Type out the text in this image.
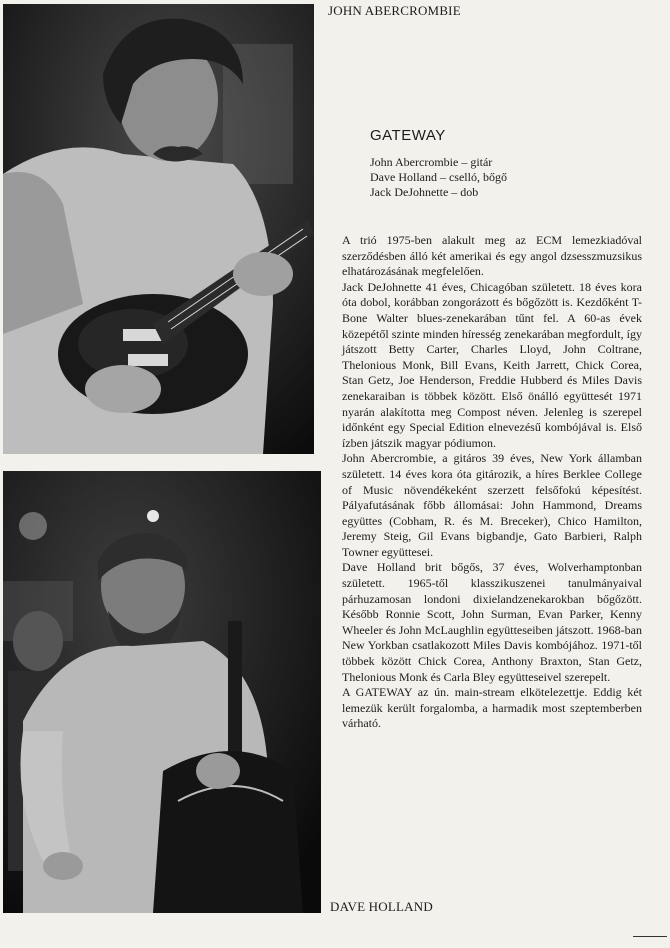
JOHN ABERCROMBIE
GATEWAY
John Abercrombie – gitár
Dave Holland – cselló, bőgő
Jack DeJohnette – dob

A trió 1975-ben alakult meg az ECM lemezkiadóval szerződésben álló két amerikai és egy angol dzsesszmuzsikus elhatározásának megfelelően.

Jack DeJohnette 41 éves, Chicagóban született. 18 éves kora óta dobol, korábban zongorázott és bőgőzött is. Kezdőként T-Bone Walter blues-zenekarában tűnt fel. A 60-as évek közepétől szinte minden híresség zenekarában megfordult, így játszott Betty Carter, Charles Lloyd, John Coltrane, Thelonious Monk, Bill Evans, Keith Jarrett, Chick Corea, Stan Getz, Joe Henderson, Freddie Hubberd és Miles Davis zenekaraiban is többek között. Első önálló együttesét 1971 nyarán alakította meg Compost néven. Jelenleg is szerepel időnként egy Special Edition elnevezésű kombójával is. Első ízben játszik magyar pódiumon.

John Abercrombie, a gitáros 39 éves, New York államban született. 14 éves kora óta gitározik, a híres Berklee College of Music növendékeként szerzett felsőfokú képesítést. Pályafutásának főbb állomásai: John Hammond, Dreams együttes (Cobham, R. és M. Breceker), Chico Hamilton, Jeremy Steig, Gil Evans bigbandje, Gato Barbieri, Ralph Towner együttesei.

Dave Holland brit bőgős, 37 éves, Wolverhamptonban született. 1965-től klasszikuszenei tanulmányaival párhuzamosan londoni dixielandzenekarokban bőgőzött. Később Ronnie Scott, John Surman, Evan Parker, Kenny Wheeler és John McLaughlin együtteseiben játszott. 1968-ban New Yorkban csatlakozott Miles Davis kombójához. 1971-től többek között Chick Corea, Anthony Braxton, Stan Getz, Thelonious Monk és Carla Bley együtteseivel szerepelt.

A GATEWAY az ún. main-stream elkötelezettje. Eddig két lemezük került forgalomba, a harmadik most szeptemberben várható.

DAVE HOLLAND
